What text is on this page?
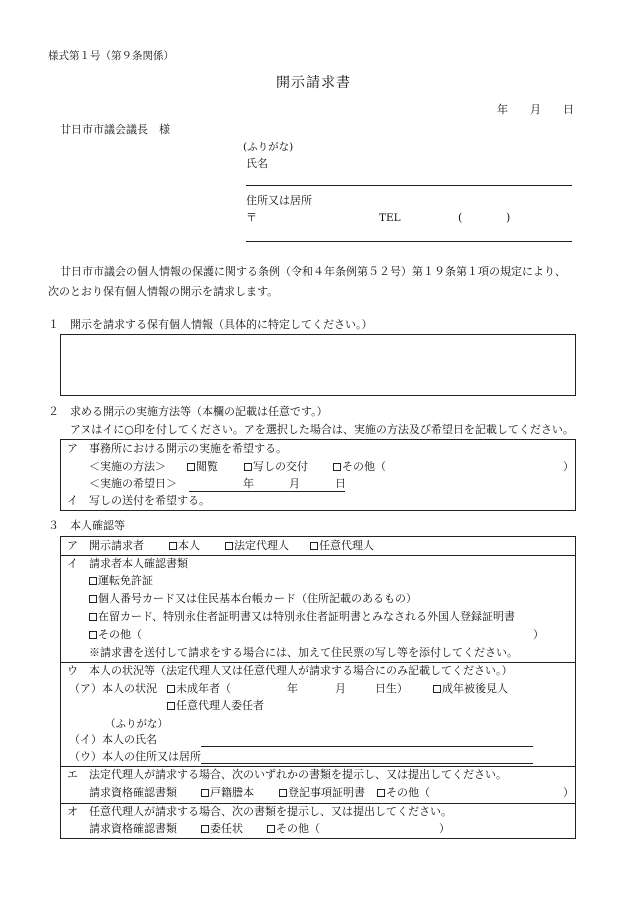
様式第１号（第９条関係）
開示請求書
年 月 日
廿日市市議会議長　様
(ふりがな)
氏名
住所又は居所
〒	TEL	(	)
廿日市市議会の個人情報の保護に関する条例（令和４年条例第５２号）第１９条第１項の規定により、
次のとおり保有個人情報の開示を請求します。
１　開示を請求する保有個人情報（具体的に特定してください。）
２　求める開示の実施方法等（本欄の記載は任意です。）
アヌはイに○印を付してください。アを選択した場合は、実施の方法及び希望日を記載してください。
ア　事務所における開示の実施を希望する。
＜実施の方法＞	閲覧	写しの交付	その他（	）
＜実施の希望日＞	年	月	日
イ　写しの送付を希望する。
３　本人確認等
ア　開示請求者	本人	法定代理人	任意代理人
イ　請求者本人確認書類
運転免許証
個人番号カード又は住民基本台帳カード（住所記載のあるもの）
在留カード、特別永住者証明書又は特別永住者証明書とみなされる外国人登録証明書
その他（	）
※請求書を送付して請求をする場合には、加えて住民票の写し等を添付してください。
ウ　本人の状況等（法定代理人又は任意代理人が請求する場合にのみ記載してください。）
（ア）本人の状況	未成年者（	年	月	日生）	成年被後見人
任意代理人委任者
（ふりがな）
（イ）本人の氏名
（ウ）本人の住所又は居所
エ　法定代理人が請求する場合、次のいずれかの書類を提示し、又は提出してください。
請求資格確認書類	戸籍謄本	登記事項証明書	その他（	）
オ　任意代理人が請求する場合、次の書類を提示し、又は提出してください。
請求資格確認書類	委任状	その他（	）
